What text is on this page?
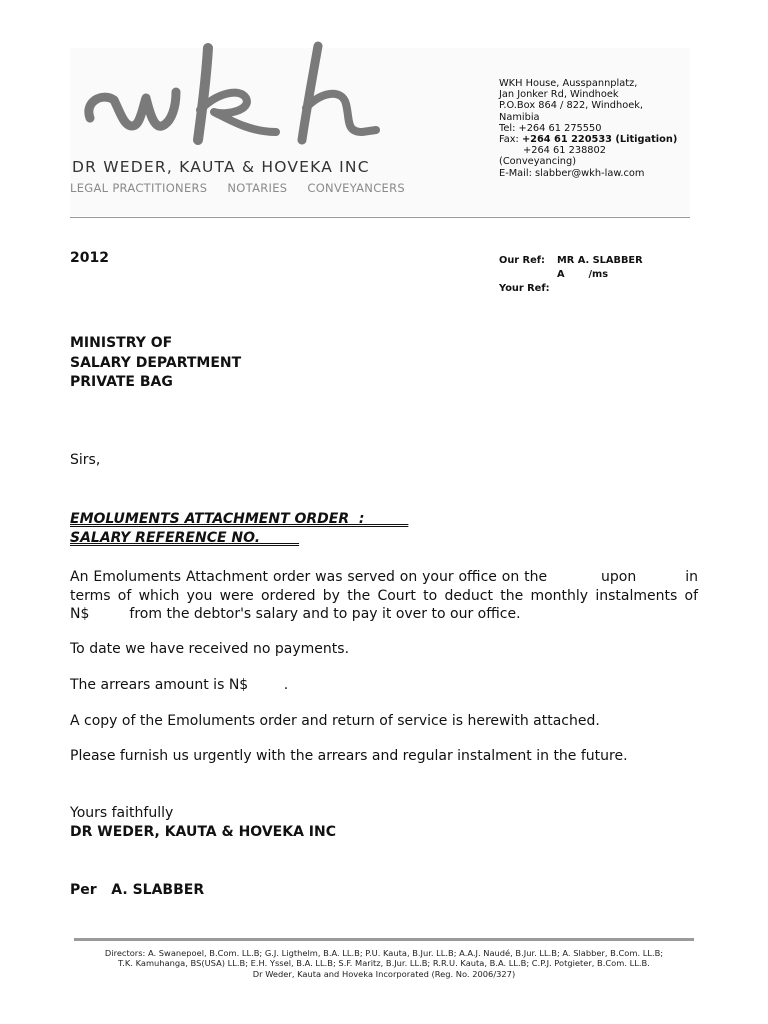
DR WEDER, KAUTA & HOVEKA INC
LEGAL PRACTITIONERS NOTARIES CONVEYANCERS
WKH House, Ausspannplatz,
Jan Jonker Rd, Windhoek
P.O.Box 864 / 822, Windhoek,
Namibia
Tel: +264 61 275550
Fax: +264 61 220533 (Litigation)
+264 61 238802
(Conveyancing)
E-Mail: slabber@wkh-law.com
2012	Our Ref: MR A. SLABBER
A       /ms
Your Ref:
MINISTRY OF
SALARY DEPARTMENT
PRIVATE BAG
Sirs,
EMOLUMENTS ATTACHMENT ORDER  :
SALARY REFERENCE NO.
An Emoluments Attachment order was served on your office on the           upon          in
terms of which you were ordered by the Court to deduct the monthly instalments of
N$         from the debtor's salary and to pay it over to our office.
To date we have received no payments.
The arrears amount is N$        .
A copy of the Emoluments order and return of service is herewith attached.
Please furnish us urgently with the arrears and regular instalment in the future.
Yours faithfully
DR WEDER, KAUTA & HOVEKA INC
Per   A. SLABBER
Directors: A. Swanepoel, B.Com. LL.B; G.J. Ligthelm, B.A. LL.B; P.U. Kauta, B.Jur. LL.B; A.A.J. Naudé, B.Jur. LL.B; A. Slabber, B.Com. LL.B;
T.K. Kamuhanga, BS(USA) LL.B; E.H. Yssel, B.A. LL.B; S.F. Maritz, B.Jur. LL.B; R.R.U. Kauta, B.A. LL.B; C.P.J. Potgieter, B.Com. LL.B.
Dr Weder, Kauta and Hoveka Incorporated (Reg. No. 2006/327)
